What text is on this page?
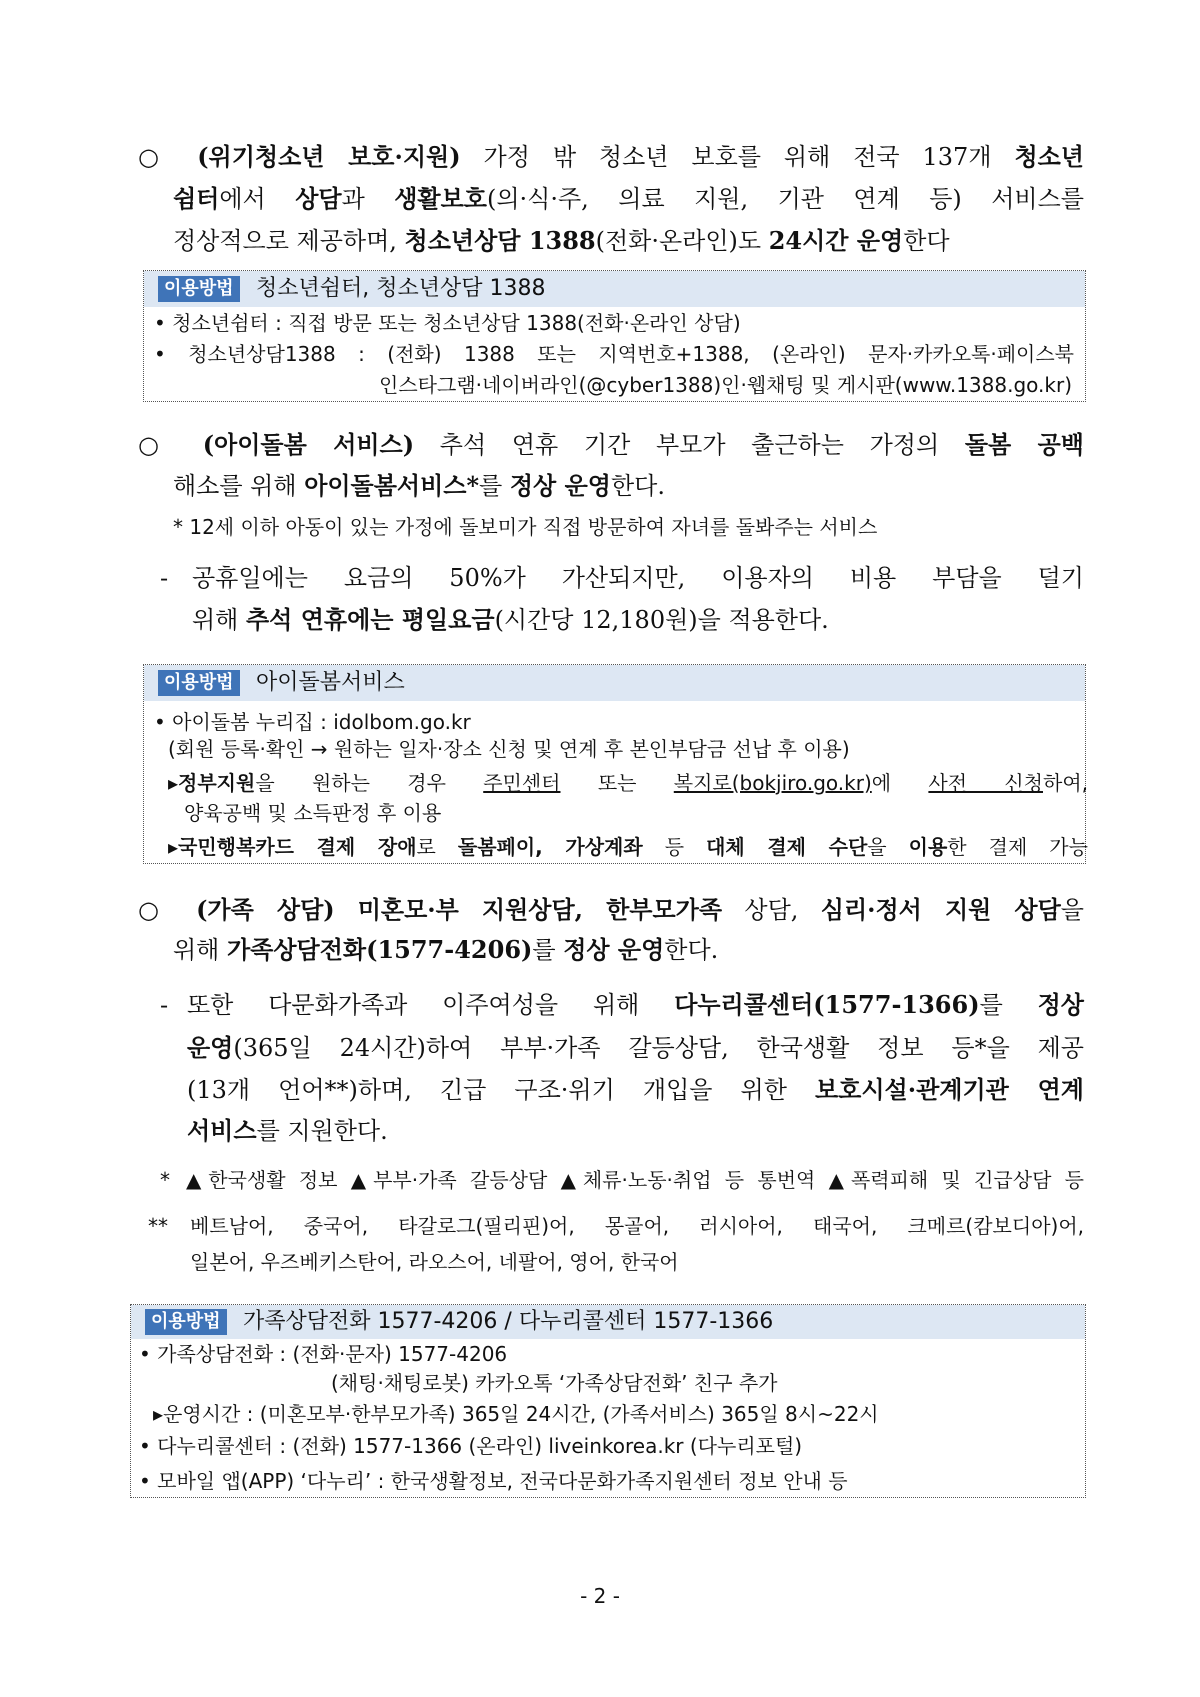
○ (위기청소년 보호·지원) 가정 밖 청소년 보호를 위해 전국 137개 청소년
쉼터에서 상담과 생활보호(의·식·주, 의료 지원, 기관 연계 등) 서비스를
정상적으로 제공하며, 청소년상담 1388(전화·온라인)도 24시간 운영한다
이용방법 청소년쉼터, 청소년상담 1388
• 청소년쉼터 : 직접 방문 또는 청소년상담 1388(전화·온라인 상담)
• 청소년상담1388 : (전화) 1388 또는 지역번호+1388, (온라인) 문자·카카오톡·페이스북
인스타그램·네이버라인(@cyber1388)인·웹채팅 및 게시판(www.1388.go.kr)
○ (아이돌봄 서비스) 추석 연휴 기간 부모가 출근하는 가정의 돌봄 공백
해소를 위해 아이돌봄서비스*를 정상 운영한다.
* 12세 이하 아동이 있는 가정에 돌보미가 직접 방문하여 자녀를 돌봐주는 서비스
- 공휴일에는 요금의 50%가 가산되지만, 이용자의 비용 부담을 덜기
위해 추석 연휴에는 평일요금(시간당 12,180원)을 적용한다.
이용방법 아이돌봄서비스
• 아이돌봄 누리집 : idolbom.go.kr
(회원 등록·확인 → 원하는 일자·장소 신청 및 연계 후 본인부담금 선납 후 이용)
▸정부지원을 원하는 경우 주민센터 또는 복지로(bokjiro.go.kr)에 사전 신청하여,
양육공백 및 소득판정 후 이용
▸국민행복카드 결제 장애로 돌봄페이, 가상계좌 등 대체 결제 수단을 이용한 결제 가능
○ (가족 상담) 미혼모·부 지원상담, 한부모가족 상담, 심리·정서 지원 상담을
위해 가족상담전화(1577-4206)를 정상 운영한다.
- 또한 다문화가족과 이주여성을 위해 다누리콜센터(1577-1366)를 정상
운영(365일 24시간)하여 부부·가족 갈등상담, 한국생활 정보 등*을 제공
(13개 언어**)하며, 긴급 구조·위기 개입을 위한 보호시설·관계기관 연계
서비스를 지원한다.
* ▲한국생활 정보 ▲부부·가족 갈등상담 ▲체류·노동·취업 등 통번역 ▲폭력피해 및 긴급상담 등
** 베트남어, 중국어, 타갈로그(필리핀)어, 몽골어, 러시아어, 태국어, 크메르(캄보디아)어,
일본어, 우즈베키스탄어, 라오스어, 네팔어, 영어, 한국어
이용방법 가족상담전화 1577-4206 / 다누리콜센터 1577-1366
• 가족상담전화 : (전화·문자) 1577-4206
(채팅·채팅로봇) 카카오톡 ‘가족상담전화’ 친구 추가
▸운영시간 : (미혼모부·한부모가족) 365일 24시간, (가족서비스) 365일 8시~22시
• 다누리콜센터 : (전화) 1577-1366 (온라인) liveinkorea.kr (다누리포털)
• 모바일 앱(APP) ‘다누리’ : 한국생활정보, 전국다문화가족지원센터 정보 안내 등
- 2 -
